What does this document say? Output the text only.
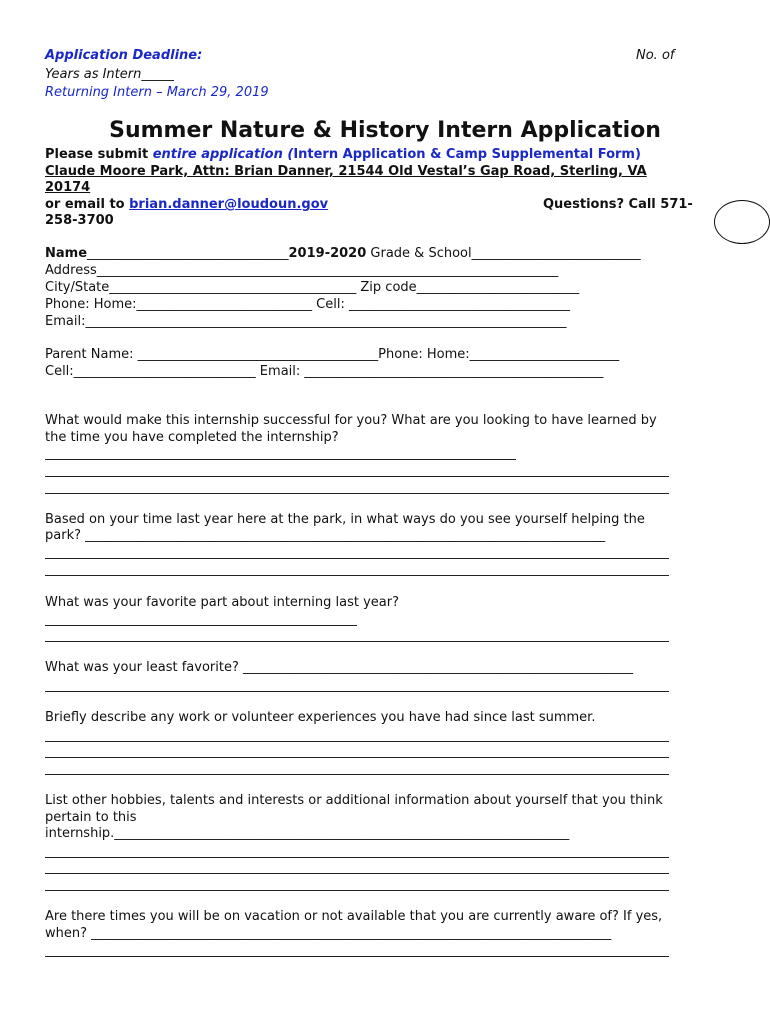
Application Deadline:	No. of
Years as Intern_____
Returning Intern – March 29, 2019
Summer Nature & History Intern Application
Please submit entire application (Intern Application & Camp Supplemental Form)
Claude Moore Park, Attn: Brian Danner, 21544 Old Vestal’s Gap Road, Sterling, VA
20174
or email to brian.danner@loudoun.gov	Questions? Call 571-
258-3700
Name_______________________________2019-2020 Grade & School__________________________
Address_______________________________________________________________________
City/State______________________________________ Zip code_________________________
Phone: Home:___________________________ Cell: __________________________________
Email:__________________________________________________________________________
Parent Name: _____________________________________Phone: Home:_______________________
Cell:____________________________ Email: ______________________________________________
What would make this internship successful for you? What are you looking to have learned by
the time you have completed the internship?
Based on your time last year here at the park, in what ways do you see yourself helping the
park? ________________________________________________________________________________
What was your favorite part about interning last year?
What was your least favorite? ____________________________________________________________
Briefly describe any work or volunteer experiences you have had since last summer.
List other hobbies, talents and interests or additional information about yourself that you think
pertain to this
internship.______________________________________________________________________
Are there times you will be on vacation or not available that you are currently aware of? If yes,
when? ________________________________________________________________________________
